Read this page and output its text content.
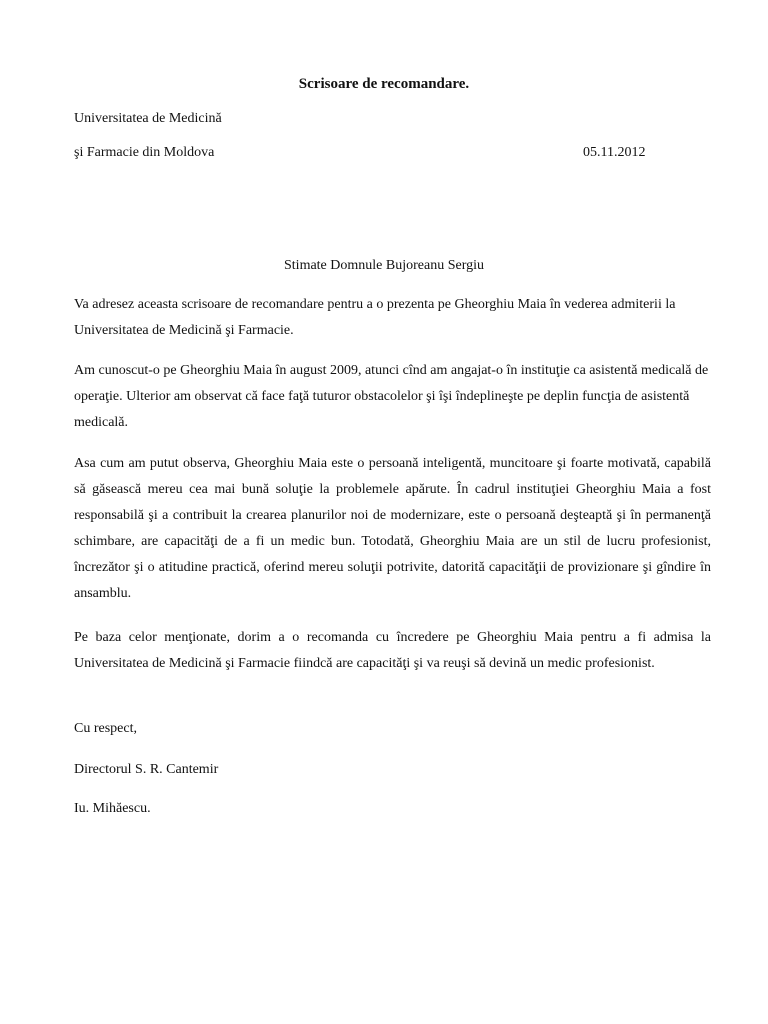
Scrisoare de recomandare.
Universitatea de Medicină
şi Farmacie din Moldova	05.11.2012
Stimate Domnule Bujoreanu Sergiu
Va adresez aceasta scrisoare de recomandare pentru a o prezenta pe Gheorghiu Maia în vederea admiterii la Universitatea de Medicină şi Farmacie.
Am cunoscut-o pe Gheorghiu Maia în august 2009, atunci cînd am angajat-o în instituţie ca asistentă medicală de operaţie. Ulterior am observat că face faţă tuturor obstacolelor şi îşi îndeplineşte pe deplin funcţia de asistentă medicală.
Asa cum am putut observa, Gheorghiu Maia este o persoană inteligentă, muncitoare şi foarte motivată, capabilă să găsească mereu cea mai bună soluţie la problemele apărute. În cadrul instituţiei Gheorghiu Maia a fost responsabilă şi a contribuit la crearea planurilor noi de modernizare, este o persoană deşteaptă şi în permanenţă schimbare, are capacităţi de a fi un medic bun. Totodată, Gheorghiu Maia are un stil de lucru profesionist, încrezător şi o atitudine practică, oferind mereu soluţii potrivite, datorită capacităţii de provizionare şi gîndire în ansamblu.
Pe baza celor menţionate, dorim a o recomanda cu încredere pe Gheorghiu Maia pentru a fi admisa la Universitatea de Medicină şi Farmacie fiindcă are capacităţi şi va reuşi să devină un medic profesionist.
Cu respect,
Directorul S. R. Cantemir
Iu. Mihăescu.
